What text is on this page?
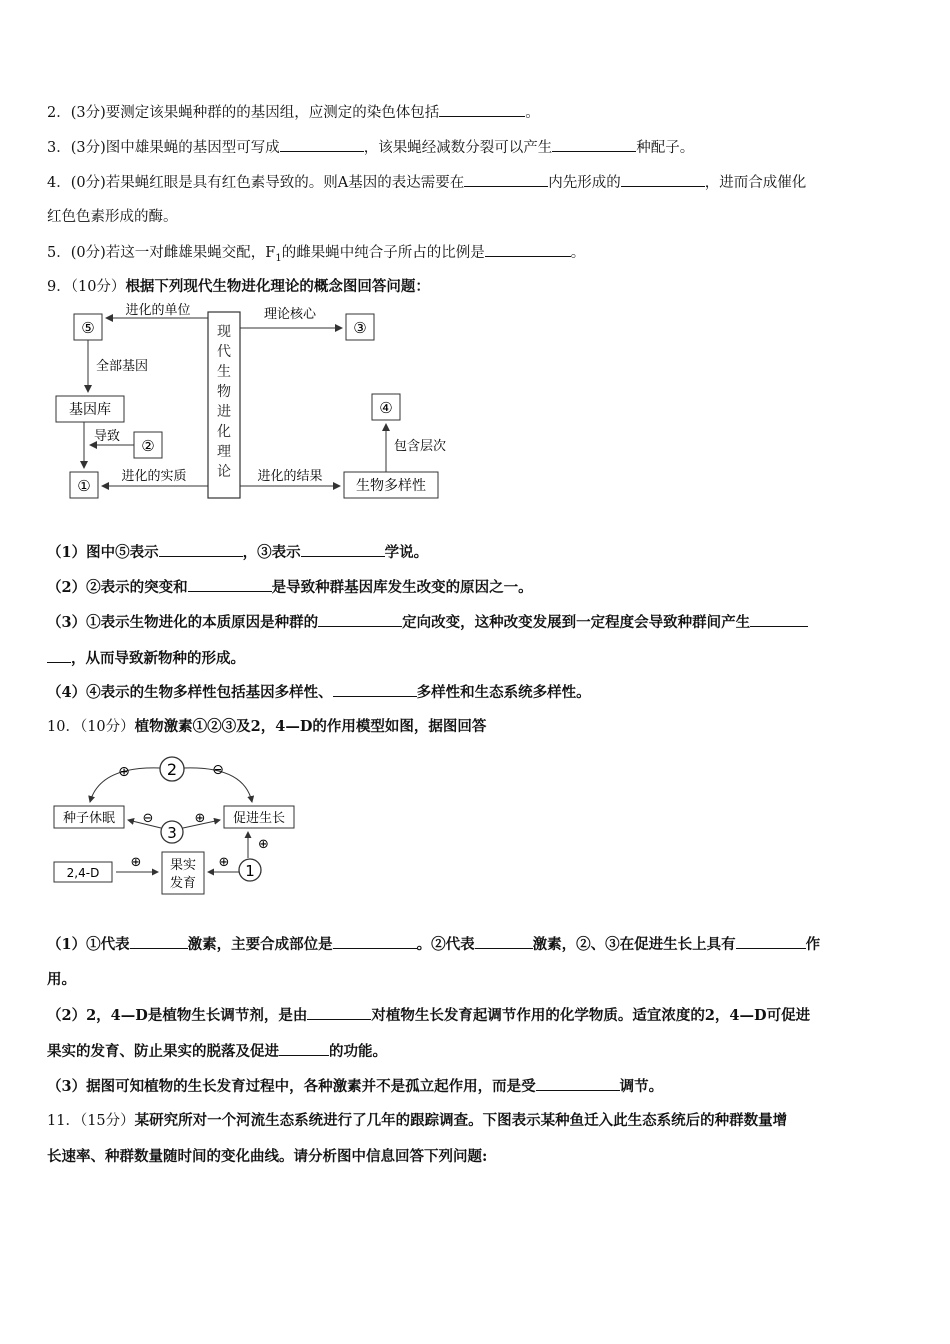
2．(3分)要测定该果蝇种群的的基因组，应测定的染色体包括	。
3．(3分)图中雄果蝇的基因型可写成	，该果蝇经减数分裂可以产生	种配子。
4．(0分)若果蝇红眼是具有红色素导致的。则A基因的表达需要在	内先形成的	，进而合成催化
红色色素形成的酶。
5．(0分)若这一对雌雄果蝇交配，$F_1$的雌果蝇中纯合子所占的比例是	。
9．（10分）根据下列现代生物进化理论的概念图回答问题：
现
代
生
物
进
化
理
论
⑤	③
基因库
②
①
④
生物多样性
进化的单位	理论核心
全部基因
导致
进化的实质	进化的结果
包含层次
（1）图中⑤表示	，③表示	学说。
（2）②表示的突变和	是导致种群基因库发生改变的原因之一。
（3）①表示生物进化的本质原因是种群的	定向改变，这种改变发展到一定程度会导致种群间产生
，从而导致新物种的形成。
（4）④表示的生物多样性包括基因多样性、	多样性和生态系统多样性。
10．（10分）植物激素①②③及2，4—D的作用模型如图，据图回答
2
⊕	⊖
种子休眠	促进生长
3
⊖	⊕
1
⊕
果实
发育
⊕
2,4-D
⊕
（1）①代表	激素，主要合成部位是	。②代表	激素，②、③在促进生长上具有	作
用。
（2）2，4—D是植物生长调节剂，是由	对植物生长发育起调节作用的化学物质。适宜浓度的2，4—D可促进
果实的发育、防止果实的脱落及促进	的功能。
（3）据图可知植物的生长发育过程中，各种激素并不是孤立起作用，而是受	调节。
11．（15分）某研究所对一个河流生态系统进行了几年的跟踪调查。下图表示某种鱼迁入此生态系统后的种群数量增
长速率、种群数量随时间的变化曲线。请分析图中信息回答下列问题:
